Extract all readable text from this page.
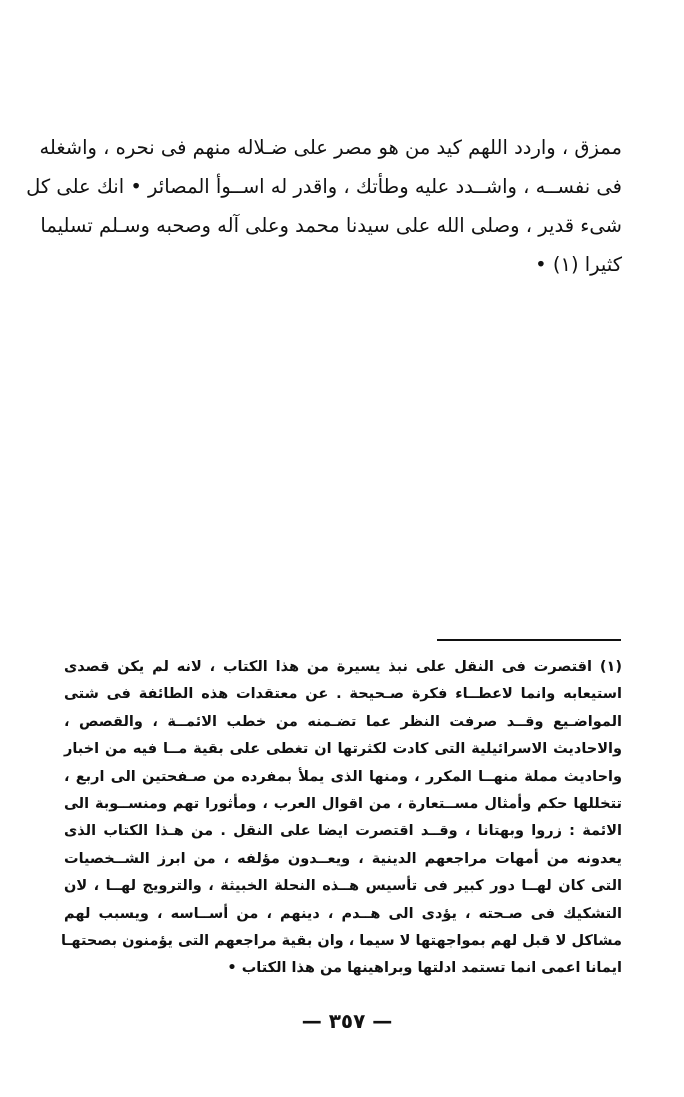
ممزق ، واردد اللهم كيد من هو مصر على ضـلاله منهم فى نحره ، واشغله
فى نفســه ، واشــدد عليه وطأتك ، واقدر له اســوأ المصائر • انك على كل
شىء قدير ، وصلى الله على سيدنا محمد وعلى آله وصحبه وسـلم تسليما
كثيرا (١) •
(١) اقتصرت فى النقل على نبذ يسيرة من هذا الكتاب ، لانه لم يكن قصدى
استيعابه وانما لاعطــاء فكرة صـحيحة . عن معتقدات هذه الطائفة فى شتى
المواضـيع وقــد صرفت النظر عما تضـمنه من خطب الائمــة ، والقصص ،
والاحاديث الاسرائيلية التى كادت لكثرتها ان تغطى على بقية مــا فيه من اخبار
واحاديث مملة منهــا المكرر ، ومنها الذى يملأ بمفرده من صـفحتين الى اربع ،
تتخللها حكم وأمثال مســتعارة ، من اقوال العرب ، ومأثورا تهم ومنســوبة الى
الائمة : زروا وبهتانا ، وقــد اقتصرت ايضا على النقل . من هـذا الكتاب الذى
يعدونه من أمهات مراجعهم الدينية ، ويعــدون مؤلفه ، من ابرز الشــخصيات
التى كان لهــا دور كبير فى تأسيس هــذه النحلة الخبيثة ، والترويج لهــا ، لان
التشكيك فى صـحته ، يؤدى الى هــدم ، دينهم ، من أســاسه ، ويسبب لهم
مشاكل لا قبل لهم بمواجهتها لا سيما ، وان بقية مراجعهم التى يؤمنون بصحتهـا
ايمانا اعمى انما تستمد ادلتها وبراهينها من هذا الكتاب •
— ٣٥٧ —
